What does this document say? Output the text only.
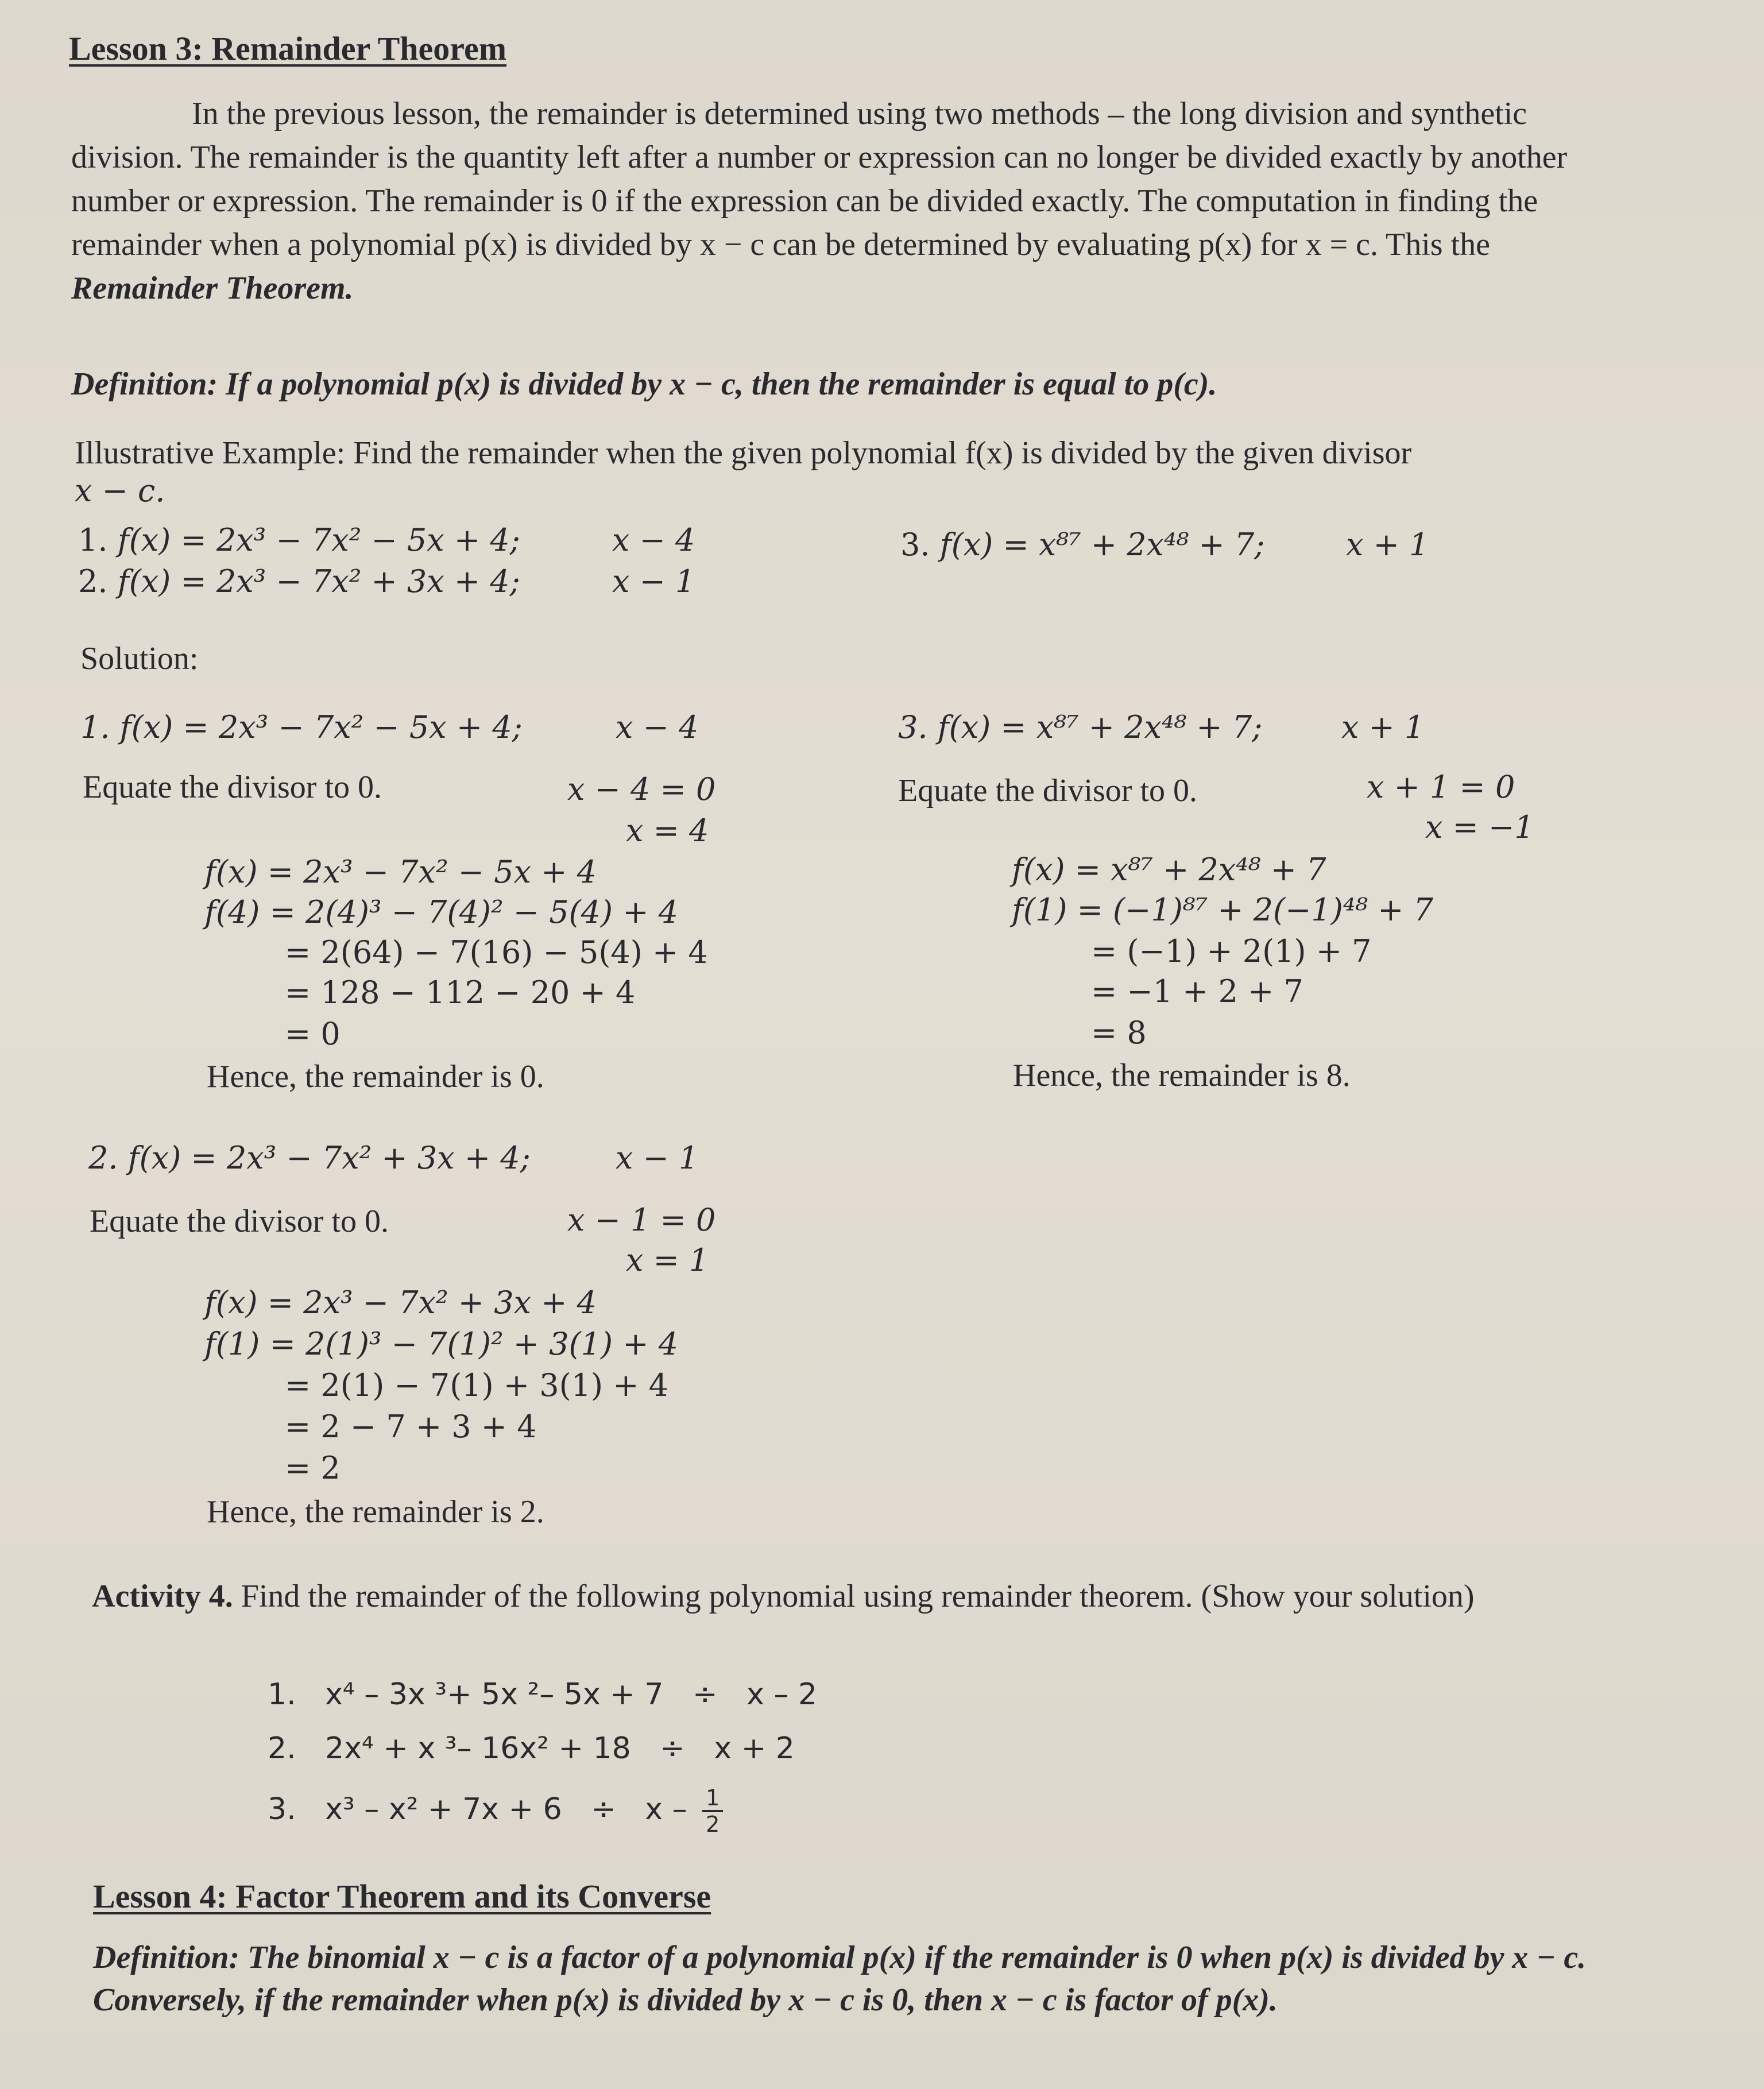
Lesson 3: Remainder Theorem
In the previous lesson, the remainder is determined using two methods – the long division and synthetic division. The remainder is the quantity left after a number or expression can no longer be divided exactly by another number or expression. The remainder is 0 if the expression can be divided exactly. The computation in finding the remainder when a polynomial p(x) is divided by x − c can be determined by evaluating p(x) for x = c. This the Remainder Theorem.
Definition: If a polynomial p(x) is divided by x − c, then the remainder is equal to p(c).
Illustrative Example: Find the remainder when the given polynomial f(x) is divided by the given divisor
x − c.
1. f(x) = 2x³ − 7x² − 5x + 4;	x − 4
2. f(x) = 2x³ − 7x² + 3x + 4;	x − 1
3. f(x) = x⁸⁷ + 2x⁴⁸ + 7;	x + 1
Solution:
1. f(x) = 2x³ − 7x² − 5x + 4;	x − 4
Equate the divisor to 0.	x − 4 = 0
x = 4
f(x) = 2x³ − 7x² − 5x + 4
f(4) = 2(4)³ − 7(4)² − 5(4) + 4
= 2(64) − 7(16) − 5(4) + 4
= 128 − 112 − 20 + 4
= 0
Hence, the remainder is 0.
3. f(x) = x⁸⁷ + 2x⁴⁸ + 7;	x + 1
Equate the divisor to 0.	x + 1 = 0
x = −1
f(x) = x⁸⁷ + 2x⁴⁸ + 7
f(1) = (−1)⁸⁷ + 2(−1)⁴⁸ + 7
= (−1) + 2(1) + 7
= −1 + 2 + 7
= 8
Hence, the remainder is 8.
2. f(x) = 2x³ − 7x² + 3x + 4;	x − 1
Equate the divisor to 0.	x − 1 = 0
x = 1
f(x) = 2x³ − 7x² + 3x + 4
f(1) = 2(1)³ − 7(1)² + 3(1) + 4
= 2(1) − 7(1) + 3(1) + 4
= 2 − 7 + 3 + 4
= 2
Hence, the remainder is 2.
Activity 4. Find the remainder of the following polynomial using remainder theorem. (Show your solution)
1. x⁴ – 3x ³+ 5x ²– 5x + 7 ÷ x – 2
2. 2x⁴ + x ³– 16x² + 18 ÷ x + 2
3. $x^3 - x^2 + 7x + 6 \div x - \frac{1}{2}$
Lesson 4: Factor Theorem and its Converse
Definition: The binomial x − c is a factor of a polynomial p(x) if the remainder is 0 when p(x) is divided by x − c. Conversely, if the remainder when p(x) is divided by x − c is 0, then x − c is factor of p(x).
